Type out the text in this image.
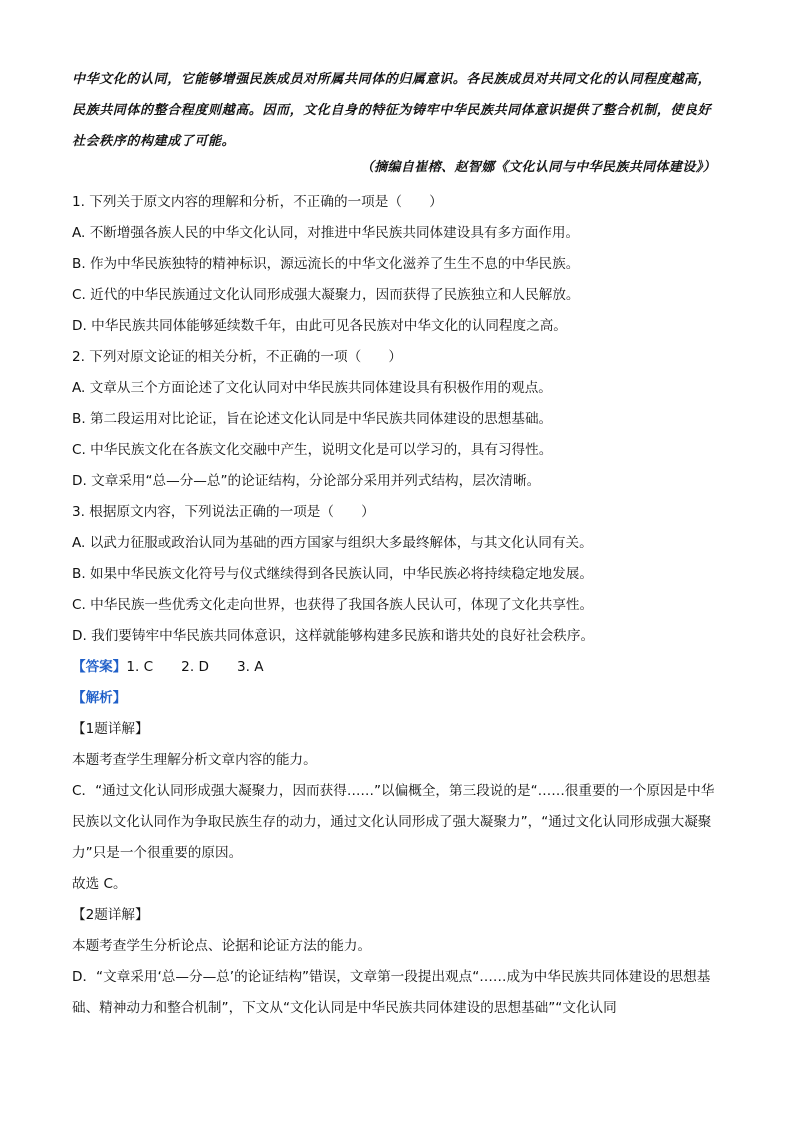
中华文化的认同，它能够增强民族成员对所属共同体的归属意识。各民族成员对共同文化的认同程度越高，民族共同体的整合程度则越高。因而，文化自身的特征为铸牢中华民族共同体意识提供了整合机制，使良好社会秩序的构建成了可能。

（摘编自崔榕、赵智娜《文化认同与中华民族共同体建设》）
1. 下列关于原文内容的理解和分析，不正确的一项是（　　）
A. 不断增强各族人民的中华文化认同，对推进中华民族共同体建设具有多方面作用。
B. 作为中华民族独特的精神标识，源远流长的中华文化滋养了生生不息的中华民族。
C. 近代的中华民族通过文化认同形成强大凝聚力，因而获得了民族独立和人民解放。
D. 中华民族共同体能够延续数千年，由此可见各民族对中华文化的认同程度之高。
2. 下列对原文论证的相关分析，不正确的一项（　　）
A. 文章从三个方面论述了文化认同对中华民族共同体建设具有积极作用的观点。
B. 第二段运用对比论证，旨在论述文化认同是中华民族共同体建设的思想基础。
C. 中华民族文化在各族文化交融中产生，说明文化是可以学习的，具有习得性。
D. 文章采用“总—分—总”的论证结构，分论部分采用并列式结构，层次清晰。
3. 根据原文内容，下列说法正确的一项是（　　）
A. 以武力征服或政治认同为基础的西方国家与组织大多最终解体，与其文化认同有关。
B. 如果中华民族文化符号与仪式继续得到各民族认同，中华民族必将持续稳定地发展。
C. 中华民族一些优秀文化走向世界，也获得了我国各族人民认可，体现了文化共享性。
D. 我们要铸牢中华民族共同体意识，这样就能够构建多民族和谐共处的良好社会秩序。
【答案】1. C 2. D 3. A
【解析】
【1题详解】
本题考查学生理解分析文章内容的能力。
C．“通过文化认同形成强大凝聚力，因而获得……”以偏概全，第三段说的是“……很重要的一个原因是中华民族以文化认同作为争取民族生存的动力，通过文化认同形成了强大凝聚力”，“通过文化认同形成强大凝聚力”只是一个很重要的原因。
故选 C。
【2题详解】
本题考查学生分析论点、论据和论证方法的能力。
D．“文章采用‘总—分—总’的论证结构”错误，文章第一段提出观点“……成为中华民族共同体建设的思想基础、精神动力和整合机制”，下文从“文化认同是中华民族共同体建设的思想基础”“文化认同
